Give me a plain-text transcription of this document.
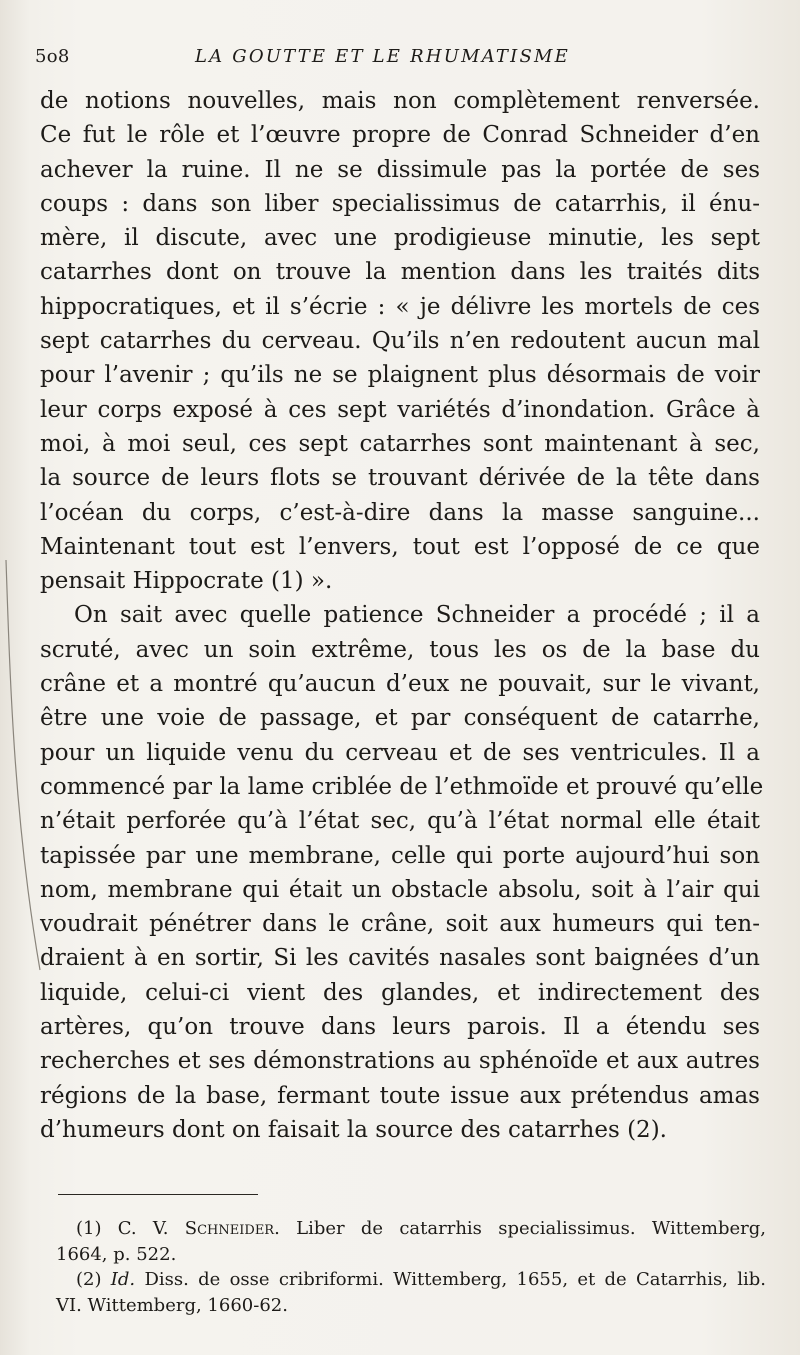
5o8	LA GOUTTE ET LE RHUMATISME
de notions nouvelles, mais non complètement renversée.
Ce fut le rôle et l’œuvre propre de Conrad Schneider d’en
achever la ruine. Il ne se dissimule pas la portée de ses
coups : dans son liber specialissimus de catarrhis, il énu-
mère, il discute, avec une prodigieuse minutie, les sept
catarrhes dont on trouve la mention dans les traités dits
hippocratiques, et il s’écrie : « je délivre les mortels de ces
sept catarrhes du cerveau. Qu’ils n’en redoutent aucun mal
pour l’avenir ; qu’ils ne se plaignent plus désormais de voir
leur corps exposé à ces sept variétés d’inondation. Grâce à
moi, à moi seul, ces sept catarrhes sont maintenant à sec,
la source de leurs flots se trouvant dérivée de la tête dans
l’océan du corps, c’est-à-dire dans la masse sanguine...
Maintenant tout est l’envers, tout est l’opposé de ce que
pensait Hippocrate (1) ».
On sait avec quelle patience Schneider a procédé ; il a
scruté, avec un soin extrême, tous les os de la base du
crâne et a montré qu’aucun d’eux ne pouvait, sur le vivant,
être une voie de passage, et par conséquent de catarrhe,
pour un liquide venu du cerveau et de ses ventricules. Il a
commencé par la lame criblée de l’ethmoïde et prouvé qu’elle
n’était perforée qu’à l’état sec, qu’à l’état normal elle était
tapissée par une membrane, celle qui porte aujourd’hui son
nom, membrane qui était un obstacle absolu, soit à l’air qui
voudrait pénétrer dans le crâne, soit aux humeurs qui ten-
draient à en sortir, Si les cavités nasales sont baignées d’un
liquide, celui-ci vient des glandes, et indirectement des
artères, qu’on trouve dans leurs parois. Il a étendu ses
recherches et ses démonstrations au sphénoïde et aux autres
régions de la base, fermant toute issue aux prétendus amas
d’humeurs dont on faisait la source des catarrhes (2).
(1) C. V. Schneider. Liber de catarrhis specialissimus. Wittemberg,
1664, p. 522.
(2) Id. Diss. de osse cribriformi. Wittemberg, 1655, et de Catarrhis, lib.
VI. Wittemberg, 1660-62.
